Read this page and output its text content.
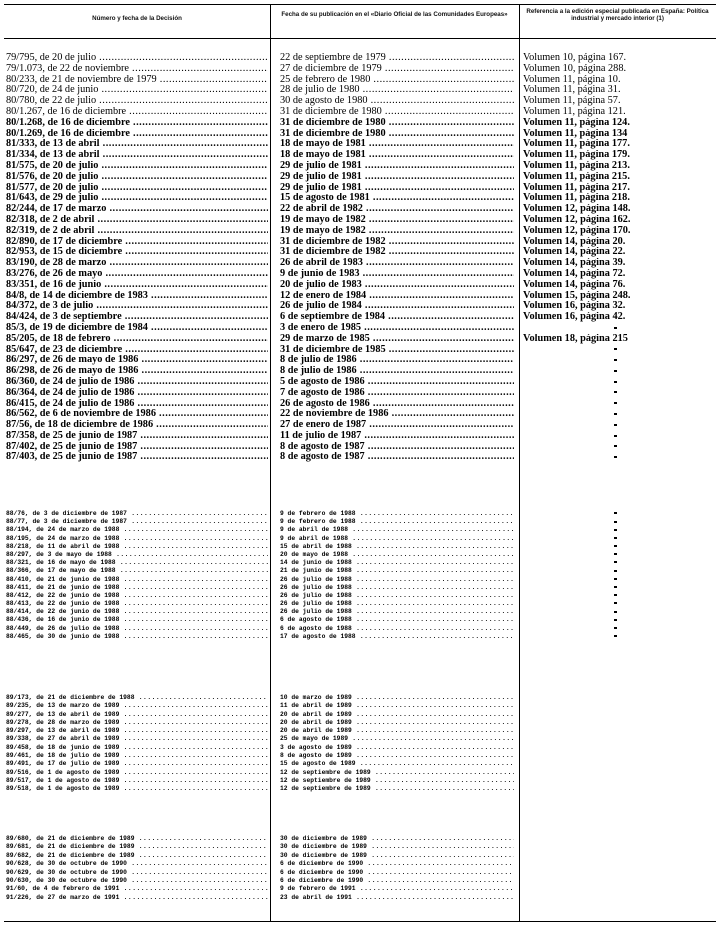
Número y fecha de la Decisión
Fecha de su publicación en el «Diario Oficial de las Comunidades Europeas»	Referencia a la edición especial publicada en España: Política industrial y mercado interior (1)
79/795, de 20 de julio .....
79/1.073, de 22 de noviembre .....
80/233, de 21 de noviembre de 1979 .....
80/720, de 24 de junio .....
80/780, de 22 de julio .....
80/1.267, de 16 de diciembre .....
80/1.268, de 16 de diciembre .....
80/1.269, de 16 de diciembre .....
81/333, de 13 de abril .....
81/334, de 13 de abril .....
81/575, de 20 de julio .....
81/576, de 20 de julio .....
81/577, de 20 de julio .....
81/643, de 29 de julio .....
82/244, de 17 de marzo .....
82/318, de 2 de abril .....
82/319, de 2 de abril .....
82/890, de 17 de diciembre .....
82/953, de 15 de diciembre .....
83/190, de 28 de marzo .....
83/276, de 26 de mayo .....
83/351, de 16 de junio .....
84/8, de 14 de diciembre de 1983 .....
84/372, de 3 de julio .....
84/424, de 3 de septiembre .....
85/3, de 19 de diciembre de 1984 .....
85/205, de 18 de febrero .....
85/647, de 23 de diciembre .....
86/297, de 26 de mayo de 1986 .....
86/298, de 26 de mayo de 1986 .....
86/360, de 24 de julio de 1986 .....
86/364, de 24 de julio de 1986 .....
86/415, de 24 de julio de 1986 .....
86/562, de 6 de noviembre de 1986 .....
87/56, de 18 de diciembre de 1986 .....
87/358, de 25 de junio de 1987 .....
87/402, de 25 de junio de 1987 .....
87/403, de 25 de junio de 1987 .....
22 de septiembre de 1979 .....
27 de diciembre de 1979 .....
25 de febrero de 1980 .....
28 de julio de 1980 .....
30 de agosto de 1980 .....
31 de diciembre de 1980 .....
31 de diciembre de 1980 .....
31 de diciembre de 1980 .....
18 de mayo de 1981 .....
18 de mayo de 1981 .....
29 de julio de 1981 .....
29 de julio de 1981 .....
29 de julio de 1981 .....
15 de agosto de 1981 .....
22 de abril de 1982 .....
19 de mayo de 1982 .....
19 de mayo de 1982 .....
31 de diciembre de 1982 .....
31 de diciembre de 1982 .....
26 de abril de 1983 .....
9 de junio de 1983 .....
20 de julio de 1983 .....
12 de enero de 1984 .....
26 de julio de 1984 .....
6 de septiembre de 1984 .....
3 de enero de 1985 .....
29 de marzo de 1985 .....
31 de diciembre de 1985 .....
8 de julio de 1986 .....
8 de julio de 1986 .....
5 de agosto de 1986 .....
7 de agosto de 1986 .....
26 de agosto de 1986 .....
22 de noviembre de 1986 .....
27 de enero de 1987 .....
11 de julio de 1987 .....
8 de agosto de 1987 .....
8 de agosto de 1987 .....
Volumen 10, página 167.
Volumen 10, página 288.
Volumen 11, página 10.
Volumen 11, página 31.
Volumen 11, página 57.
Volumen 11, página 121.
Volumen 11, página 124.
Volumen 11, página 134
Volumen 11, página 177.
Volumen 11, página 179.
Volumen 11, página 213.
Volumen 11, página 215.
Volumen 11, página 217.
Volumen 11, página 218.
Volumen 12, página 148.
Volumen 12, página 162.
Volumen 12, página 170.
Volumen 14, página 20.
Volumen 14, página 22.
Volumen 14, página 39.
Volumen 14, página 72.
Volumen 14, página 76.
Volumen 15, página 248.
Volumen 16, página 32.
Volumen 16, página 42.
Volumen 18, página 215
88/76, de 3 de diciembre de 1987 .....
88/77, de 3 de diciembre de 1987 .....
88/194, de 24 de marzo de 1988 .....
88/195, de 24 de marzo de 1988 .....
88/218, de 11 de abril de 1988 .....
88/297, de 3 de mayo de 1988 .....
88/321, de 16 de mayo de 1988 .....
88/366, de 17 de mayo de 1988 .....
88/410, de 21 de junio de 1988 .....
88/411, de 21 de junio de 1988 .....
88/412, de 22 de junio de 1988 .....
88/413, de 22 de junio de 1988 .....
88/414, de 22 de junio de 1988 .....
88/436, de 16 de junio de 1988 .....
88/449, de 26 de julio de 1988 .....
88/465, de 30 de junio de 1988 .....
9 de febrero de 1988 .....
9 de febrero de 1988 .....
9 de abril de 1988 .....
9 de abril de 1988 .....
15 de abril de 1988 .....
20 de mayo de 1988 .....
14 de junio de 1988 .....
21 de junio de 1988 .....
26 de julio de 1988 .....
26 de julio de 1988 .....
26 de julio de 1988 .....
26 de julio de 1988 .....
26 de julio de 1988 .....
6 de agosto de 1988 .....
6 de agosto de 1988 .....
17 de agosto de 1988 .....
89/173, de 21 de diciembre de 1988 .....
89/235, de 13 de marzo de 1989 .....
89/277, de 13 de abril de 1989 .....
89/278, de 28 de marzo de 1989 .....
89/297, de 13 de abril de 1989 .....
89/338, de 27 de abril de 1989 .....
89/458, de 18 de junio de 1989 .....
89/461, de 18 de julio de 1989 .....
89/491, de 17 de julio de 1989 .....
89/516, de 1 de agosto de 1989 .....
89/517, de 1 de agosto de 1989 .....
89/518, de 1 de agosto de 1989 .....
10 de marzo de 1989 .....
11 de abril de 1989 .....
20 de abril de 1989 .....
20 de abril de 1989 .....
20 de abril de 1989 .....
25 de mayo de 1989 .....
3 de agosto de 1989 .....
8 de agosto de 1989 .....
15 de agosto de 1989 .....
12 de septiembre de 1989 .....
12 de septiembre de 1989 .....
12 de septiembre de 1989 .....
89/680, de 21 de diciembre de 1989 .....
89/681, de 21 de diciembre de 1989 .....
89/682, de 21 de diciembre de 1989 .....
90/628, de 30 de octubre de 1990 .....
90/629, de 30 de octubre de 1990 .....
90/630, de 30 de octubre de 1990 .....
91/60, de 4 de febrero de 1991 .....
91/226, de 27 de marzo de 1991 .....
30 de diciembre de 1989 .....
30 de diciembre de 1989 .....
30 de diciembre de 1989 .....
6 de diciembre de 1990 .....
6 de diciembre de 1990 .....
6 de diciembre de 1990 .....
9 de febrero de 1991 .....
23 de abril de 1991 .....
